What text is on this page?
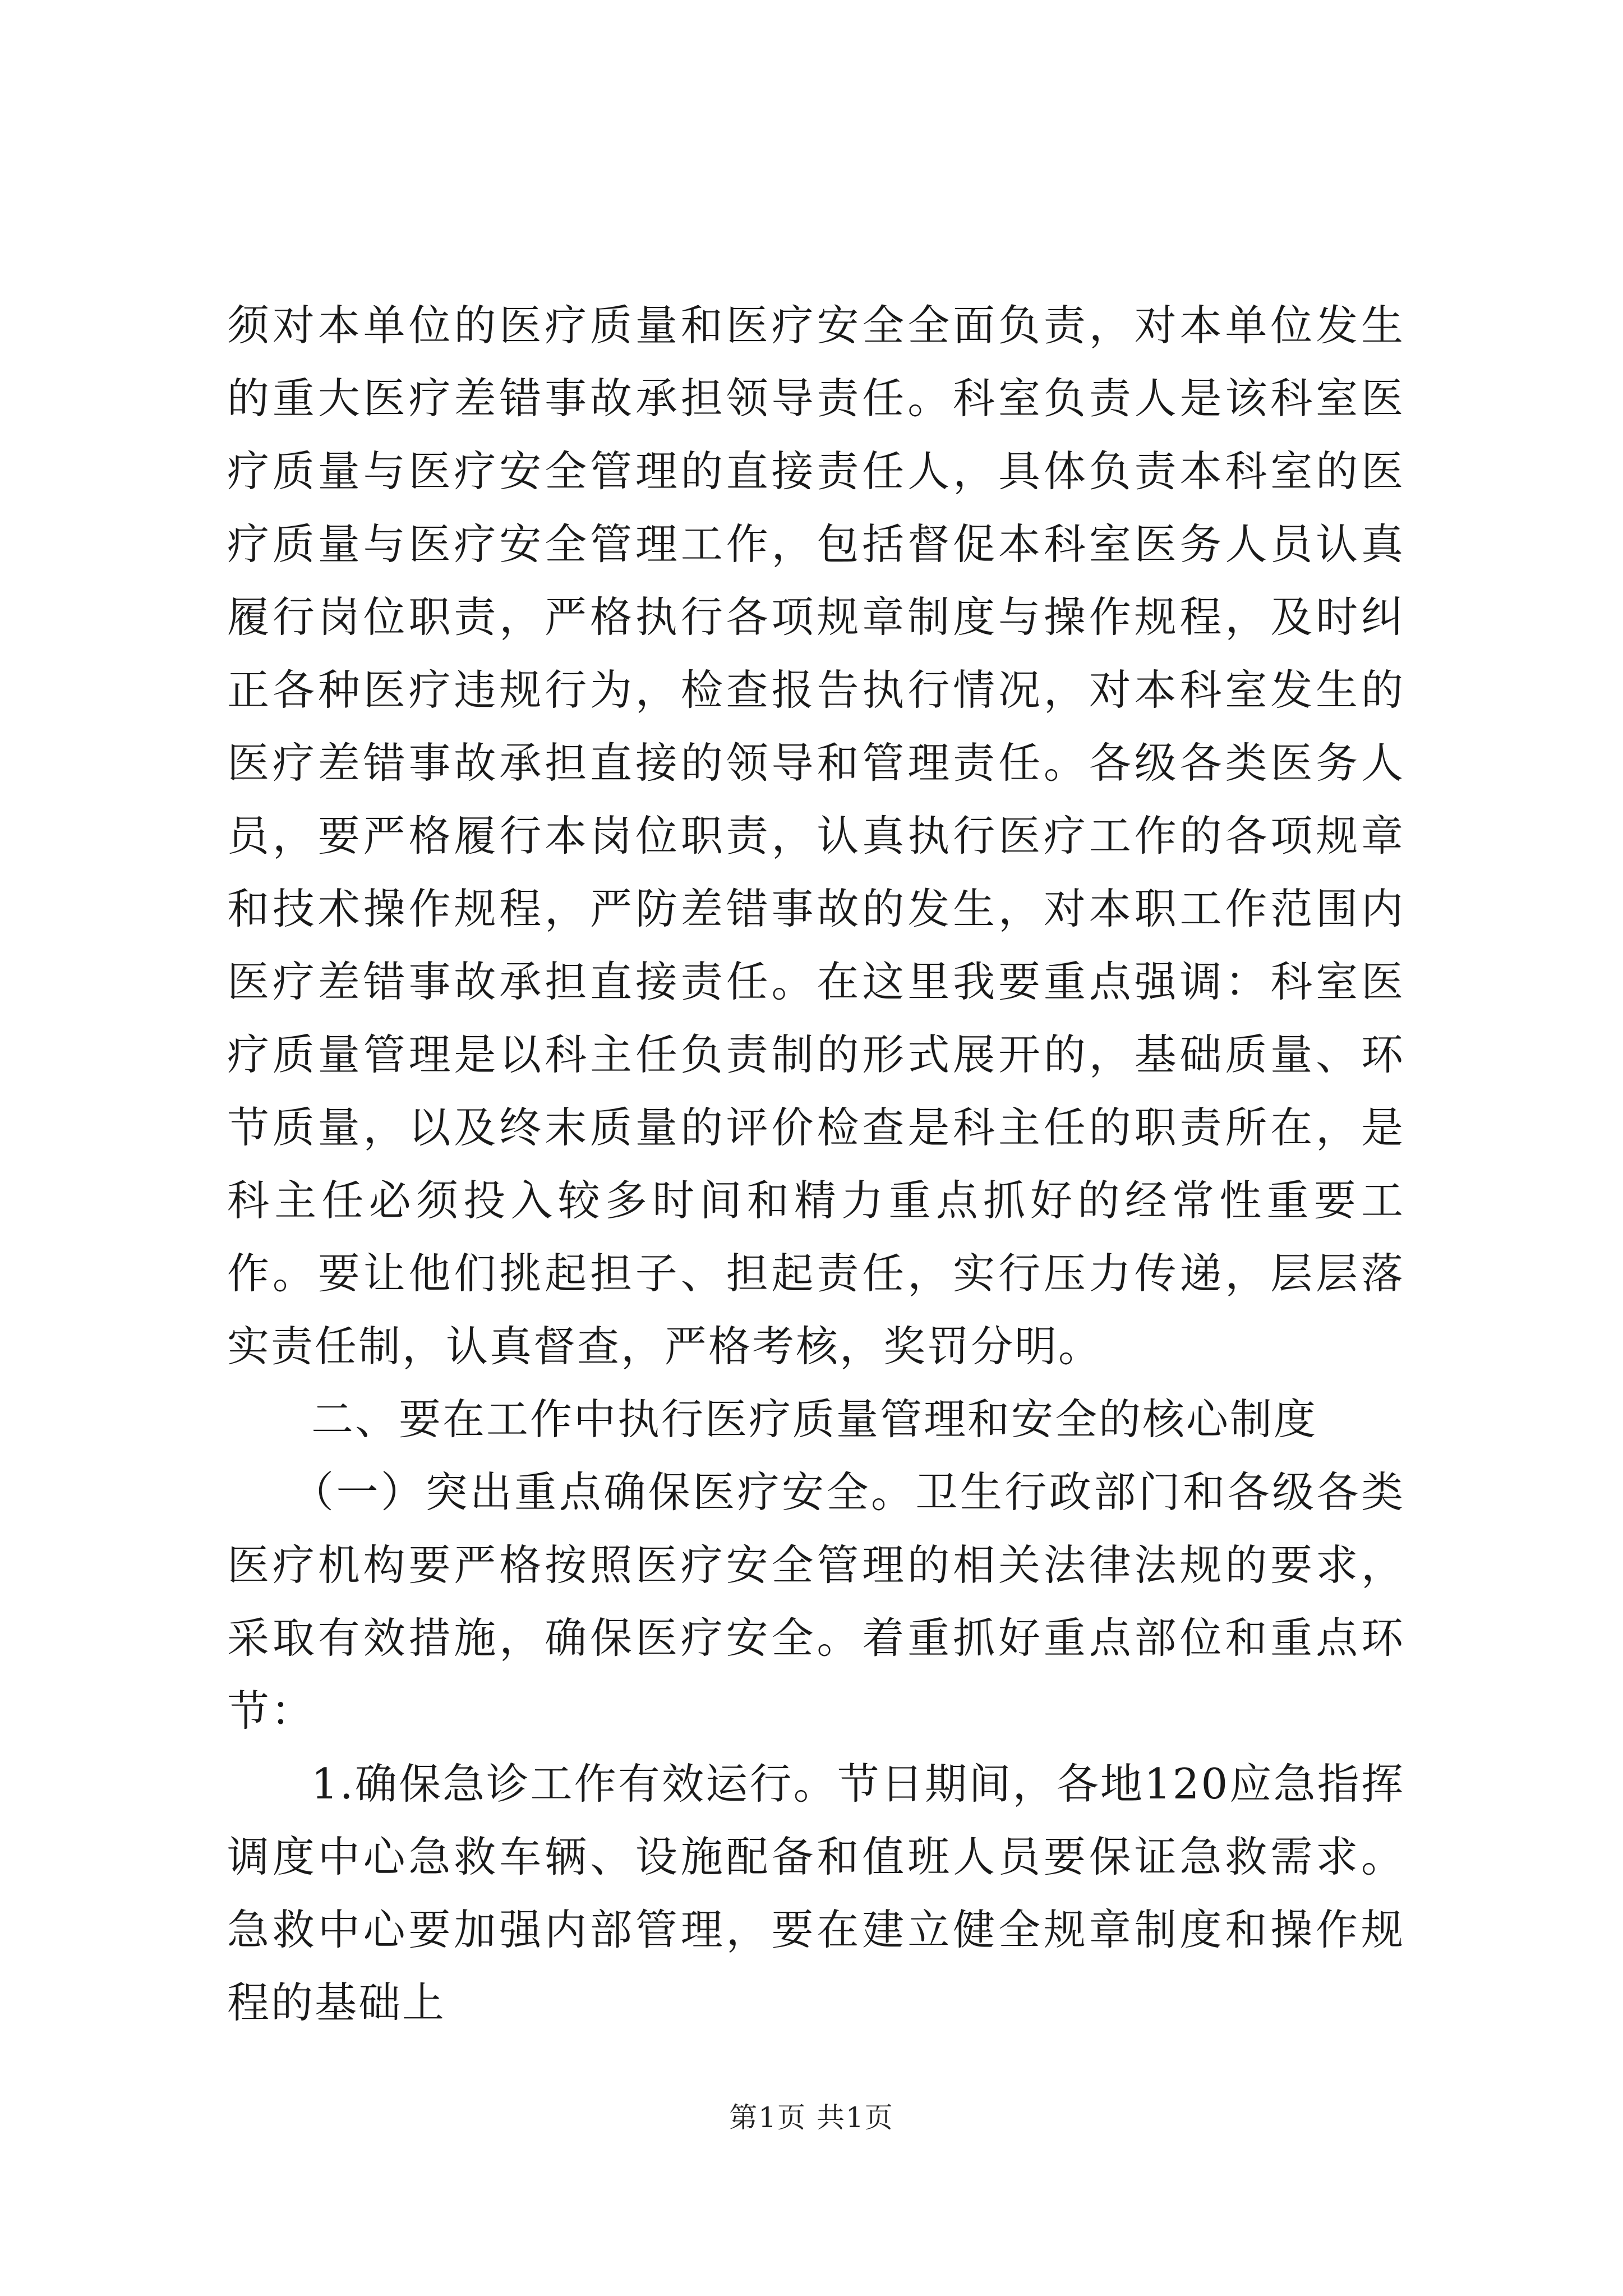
须对本单位的医疗质量和医疗安全全面负责，对本单位发生的重大医疗差错事故承担领导责任。科室负责人是该科室医疗质量与医疗安全管理的直接责任人，具体负责本科室的医疗质量与医疗安全管理工作，包括督促本科室医务人员认真履行岗位职责，严格执行各项规章制度与操作规程，及时纠正各种医疗违规行为，检查报告执行情况，对本科室发生的医疗差错事故承担直接的领导和管理责任。各级各类医务人员，要严格履行本岗位职责，认真执行医疗工作的各项规章和技术操作规程，严防差错事故的发生，对本职工作范围内医疗差错事故承担直接责任。在这里我要重点强调：科室医疗质量管理是以科主任负责制的形式展开的，基础质量、环节质量，以及终末质量的评价检查是科主任的职责所在，是科主任必须投入较多时间和精力重点抓好的经常性重要工作。要让他们挑起担子、担起责任，实行压力传递，层层落实责任制，认真督查，严格考核，奖罚分明。

二、要在工作中执行医疗质量管理和安全的核心制度

（一）突出重点确保医疗安全。卫生行政部门和各级各类医疗机构要严格按照医疗安全管理的相关法律法规的要求，采取有效措施，确保医疗安全。着重抓好重点部位和重点环节：

1.确保急诊工作有效运行。节日期间，各地120应急指挥调度中心急救车辆、设施配备和值班人员要保证急救需求。急救中心要加强内部管理，要在建立健全规章制度和操作规程的基础上

第1页 共1页
